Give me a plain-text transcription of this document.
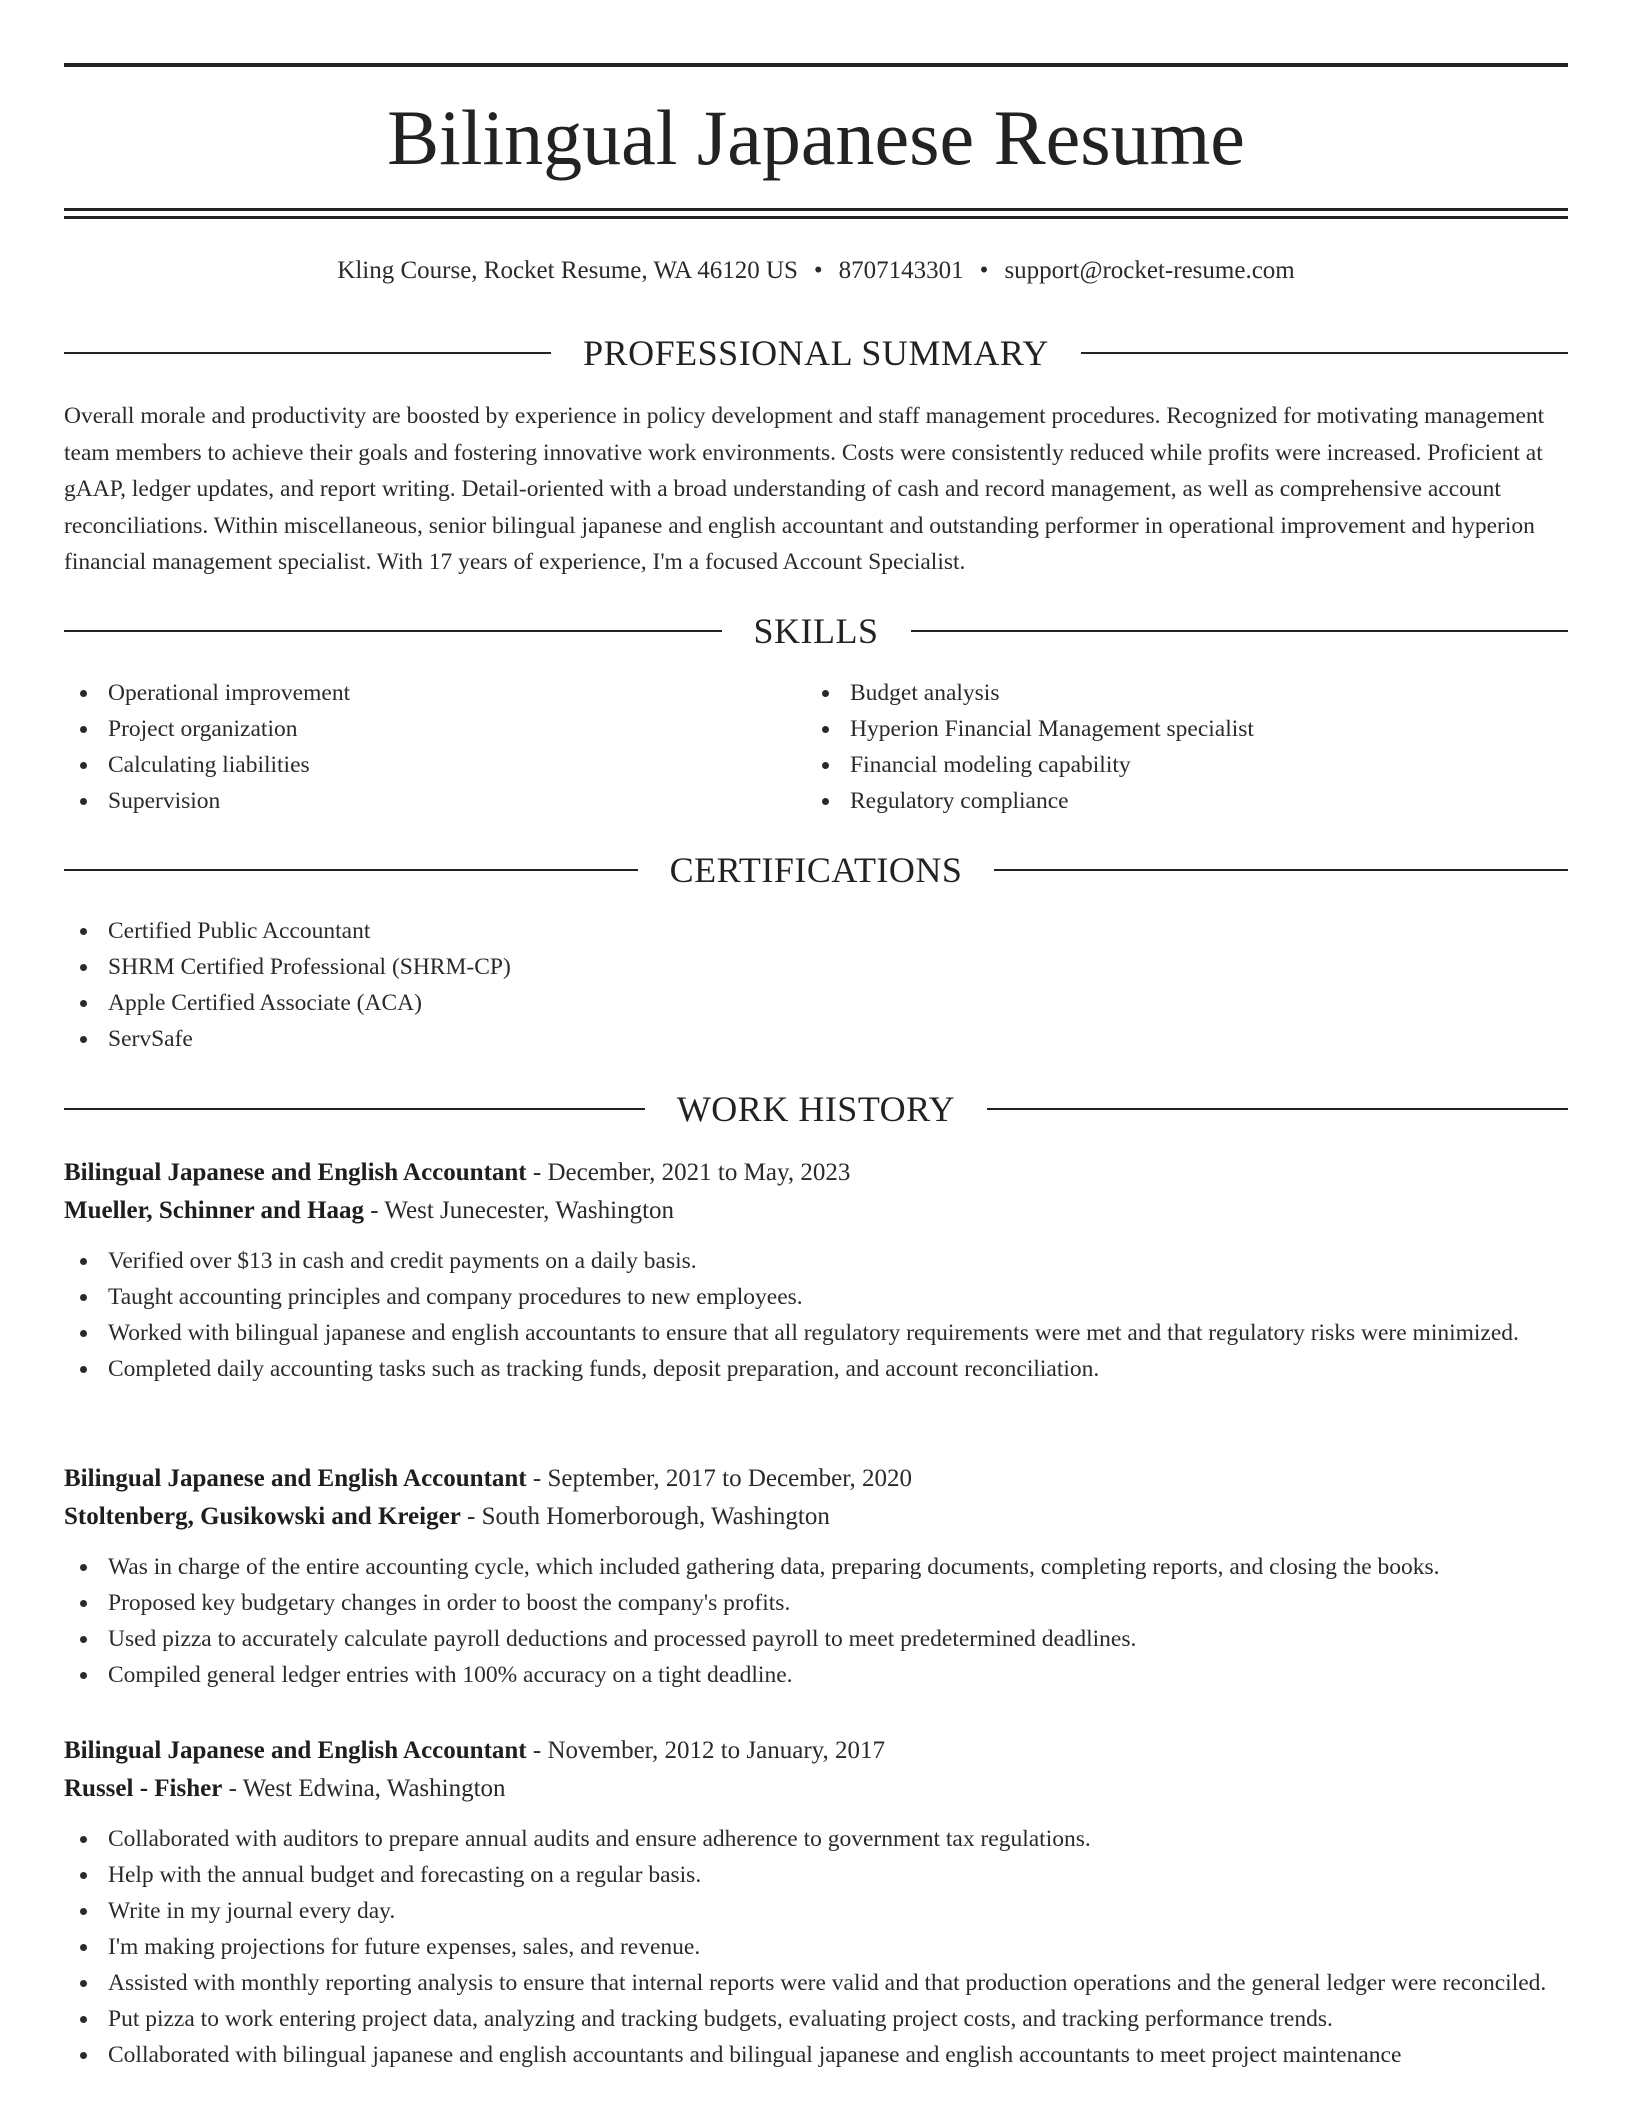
Bilingual Japanese Resume
Kling Course, Rocket Resume, WA 46120 US • 8707143301 • support@rocket-resume.com
PROFESSIONAL SUMMARY

Overall morale and productivity are boosted by experience in policy development and staff management procedures. Recognized for motivating management team members to achieve their goals and fostering innovative work environments. Costs were consistently reduced while profits were increased. Proficient at gAAP, ledger updates, and report writing. Detail-oriented with a broad understanding of cash and record management, as well as comprehensive account reconciliations. Within miscellaneous, senior bilingual japanese and english accountant and outstanding performer in operational improvement and hyperion financial management specialist. With 17 years of experience, I'm a focused Account Specialist.

SKILLS
Operational improvement
Project organization
Calculating liabilities
Supervision
Budget analysis
Hyperion Financial Management specialist
Financial modeling capability
Regulatory compliance
CERTIFICATIONS
Certified Public Accountant
SHRM Certified Professional (SHRM-CP)
Apple Certified Associate (ACA)
ServSafe
WORK HISTORY
Bilingual Japanese and English Accountant - December, 2021 to May, 2023
Mueller, Schinner and Haag - West Junecester, Washington
Verified over $13 in cash and credit payments on a daily basis.
Taught accounting principles and company procedures to new employees.
Worked with bilingual japanese and english accountants to ensure that all regulatory requirements were met and that regulatory risks were minimized.
Completed daily accounting tasks such as tracking funds, deposit preparation, and account reconciliation.
Bilingual Japanese and English Accountant - September, 2017 to December, 2020
Stoltenberg, Gusikowski and Kreiger - South Homerborough, Washington
Was in charge of the entire accounting cycle, which included gathering data, preparing documents, completing reports, and closing the books.
Proposed key budgetary changes in order to boost the company's profits.
Used pizza to accurately calculate payroll deductions and processed payroll to meet predetermined deadlines.
Compiled general ledger entries with 100% accuracy on a tight deadline.
Bilingual Japanese and English Accountant - November, 2012 to January, 2017
Russel - Fisher - West Edwina, Washington
Collaborated with auditors to prepare annual audits and ensure adherence to government tax regulations.
Help with the annual budget and forecasting on a regular basis.
Write in my journal every day.
I'm making projections for future expenses, sales, and revenue.
Assisted with monthly reporting analysis to ensure that internal reports were valid and that production operations and the general ledger were reconciled.
Put pizza to work entering project data, analyzing and tracking budgets, evaluating project costs, and tracking performance trends.
Collaborated with bilingual japanese and english accountants and bilingual japanese and english accountants to meet project maintenance
